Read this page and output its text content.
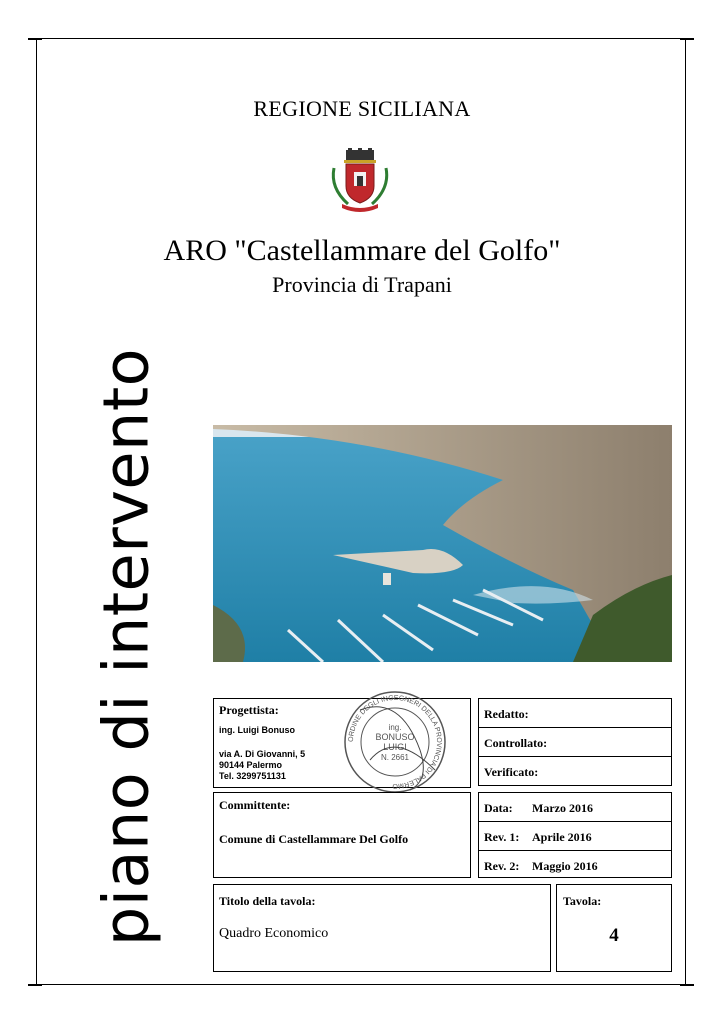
REGIONE SICILIANA
ARO "Castellammare del Golfo"
Provincia di Trapani
piano di intervento	Progettista:
ing. Luigi Bonuso
via A. Di Giovanni, 5
90144 Palermo
Tel. 3299751131
ORDINE DEGLI INGEGNERI DELLA PROVINCIA DI PALERMO
ing.
BONUSO
LUIGI
N. 2661
Redatto:
Controllato:
Verificato:
Committente:
Comune di Castellammare Del Golfo
Data: Marzo 2016
Rev. 1: Aprile 2016
Rev. 2: Maggio 2016
Titolo della tavola:
Quadro Economico
Tavola:
4
